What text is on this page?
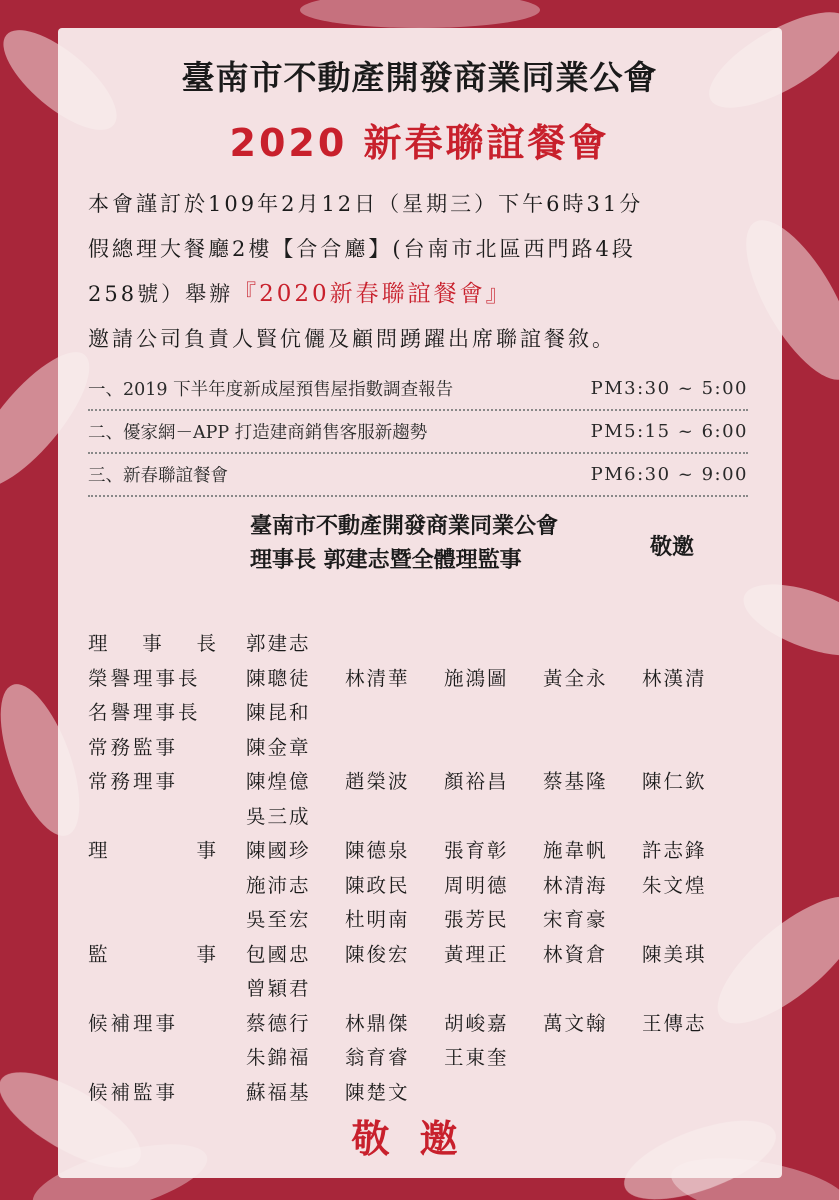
臺南市不動產開發商業同業公會
2020 新春聯誼餐會
本會謹訂於109年2月12日（星期三）下午6時31分
假總理大餐廳2樓【合合廳】(台南市北區西門路4段
258號）舉辦『2020新春聯誼餐會』
邀請公司負責人賢伉儷及顧問踴躍出席聯誼餐敘。
一、2019 下半年度新成屋預售屋指數調查報告	PM3:30 ~ 5:00
二、優家網－APP 打造建商銷售客服新趨勢	PM5:15 ~ 6:00
三、新春聯誼餐會	PM6:30 ~ 9:00
臺南市不動產開發商業同業公會
理事長 郭建志暨全體理監事
敬邀
理 事 長 郭建志
榮譽理事長	陳聰徒	林清華	施鴻圖	黃全永	林漢清
名譽理事長	陳昆和
常務監事	陳金章
常務理事	陳煌億	趙榮波	顏裕昌	蔡基隆	陳仁欽
吳三成
理	事 陳國珍	陳德泉	張育彰	施韋帆	許志鋒
施沛志	陳政民	周明德	林清海	朱文煌
吳至宏	杜明南	張芳民	宋育豪
監	事 包國忠	陳俊宏	黃理正	林資倉	陳美琪
曾穎君
候補理事	蔡德行	林鼎傑	胡峻嘉	萬文翰	王傳志
朱錦福	翁育睿	王東奎
候補監事	蘇福基	陳楚文
敬邀
